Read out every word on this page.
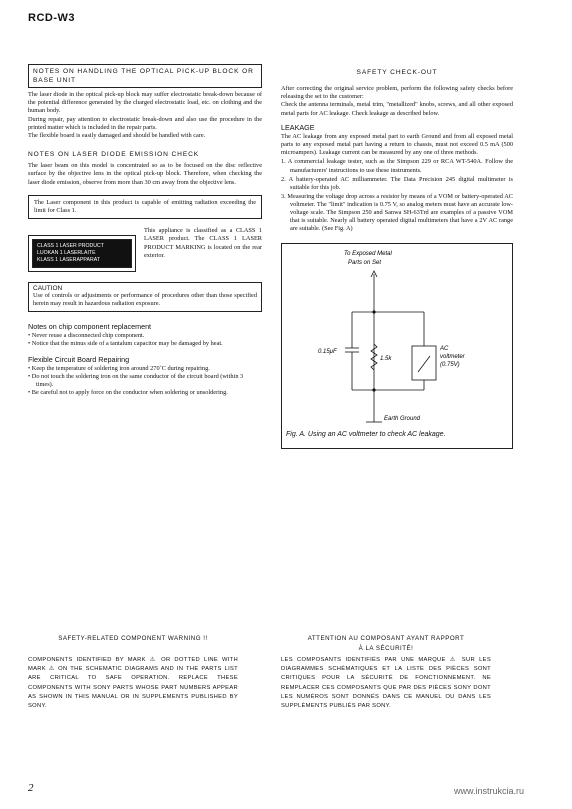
RCD-W3
NOTES ON HANDLING THE OPTICAL PICK-UP BLOCK OR BASE UNIT
The laser diode in the optical pick-up block may suffer electrostatic break-down because of the potential difference generated by the charged electrostatic load, etc. on clothing and the human body.
During repair, pay attention to electrostatic break-down and also use the procedure in the printed matter which is included in the repair parts.
The flexible board is easily damaged and should be handled with care.
NOTES ON LASER DIODE EMISSION CHECK
The laser beam on this model is concentrated so as to be focused on the disc reflective surface by the objective lens in the optical pick-up block. Therefore, when checking the laser diode emission, observe from more than 30 cm away from the objective lens.
The Laser component in this product is capable of emitting radiation exceeding the limit for Class 1.
CLASS 1 LASER PRODUCT
LUOKAN 1 LASERLAITE
KLASS 1 LASERAPPARAT
This appliance is classified as a CLASS 1 LASER product. The CLASS 1 LASER PRODUCT MARKING is located on the rear exterior.
CAUTION
Use of controls or adjustments or performance of procedures other than those specified herein may result in hazardous radiation exposure.
Notes on chip component replacement
• Never reuse a disconnected chip component.
• Notice that the minus side of a tantalum capacitor may be damaged by heat.
Flexible Circuit Board Repairing
• Keep the temperature of soldering iron around 270˚C during repairing.
• Do not touch the soldering iron on the same conductor of the circuit board (within 3 times).
• Be careful not to apply force on the conductor when soldering or unsoldering.
SAFETY CHECK-OUT
After correcting the original service problem, perform the following safety checks before releasing the set to the customer:
Check the antenna terminals, metal trim, "metallized" knobs, screws, and all other exposed metal parts for AC leakage. Check leakage as described below.
LEAKAGE
The AC leakage from any exposed metal part to earth Ground and from all exposed metal parts to any exposed metal part having a return to chassis, must not exceed 0.5 mA (500 microampers). Leakage current can be measured by any one of three methods.
1. A commercial leakage tester, such as the Simpson 229 or RCA WT-540A. Follow the manufacturers' instructions to use these instruments.
2. A battery-operated AC milliammeter. The Data Precision 245 digital multimeter is suitable for this job.
3. Measuring the voltage drop across a resistor by means of a VOM or battery-operated AC voltmeter. The "limit" indication is 0.75 V, so analog meters must have an accurate low-voltage scale. The Simpson 250 and Sanwa SH-63Trd are examples of a passive VOM that is suitable. Nearly all battery operated digital multimeters that have a 2V AC range are suitable. (See Fig. A)
To Exposed Metal
Parts on Set
0.15μF
1.5k
AC
voltmeter
(0.75V)
Earth Ground
Fig. A. Using an AC voltmeter to check AC leakage.
SAFETY-RELATED COMPONENT WARNING !!
COMPONENTS IDENTIFIED BY MARK ⚠ OR DOTTED LINE WITH MARK ⚠ ON THE SCHEMATIC DIAGRAMS AND IN THE PARTS LIST ARE CRITICAL TO SAFE OPERATION. REPLACE THESE COMPONENTS WITH SONY PARTS WHOSE PART NUMBERS APPEAR AS SHOWN IN THIS MANUAL OR IN SUPPLEMENTS PUBLISHED BY SONY.
ATTENTION AU COMPOSANT AYANT RAPPORT
À LA SÉCURITÉ!
LES COMPOSANTS IDENTIFIÉS PAR UNE MARQUE ⚠ SUR LES DIAGRAMMES SCHÉMATIQUES ET LA LISTE DES PIÈCES SONT CRITIQUES POUR LA SÉCURITÉ DE FONCTIONNEMENT. NE REMPLACER CES COMPOSANTS QUE PAR DES PIÈCES SONY DONT LES NUMÉROS SONT DONNÉS DANS CE MANUEL OU DANS LES SUPPLÉMENTS PUBLIÉS PAR SONY.
2	www.instrukcia.ru
